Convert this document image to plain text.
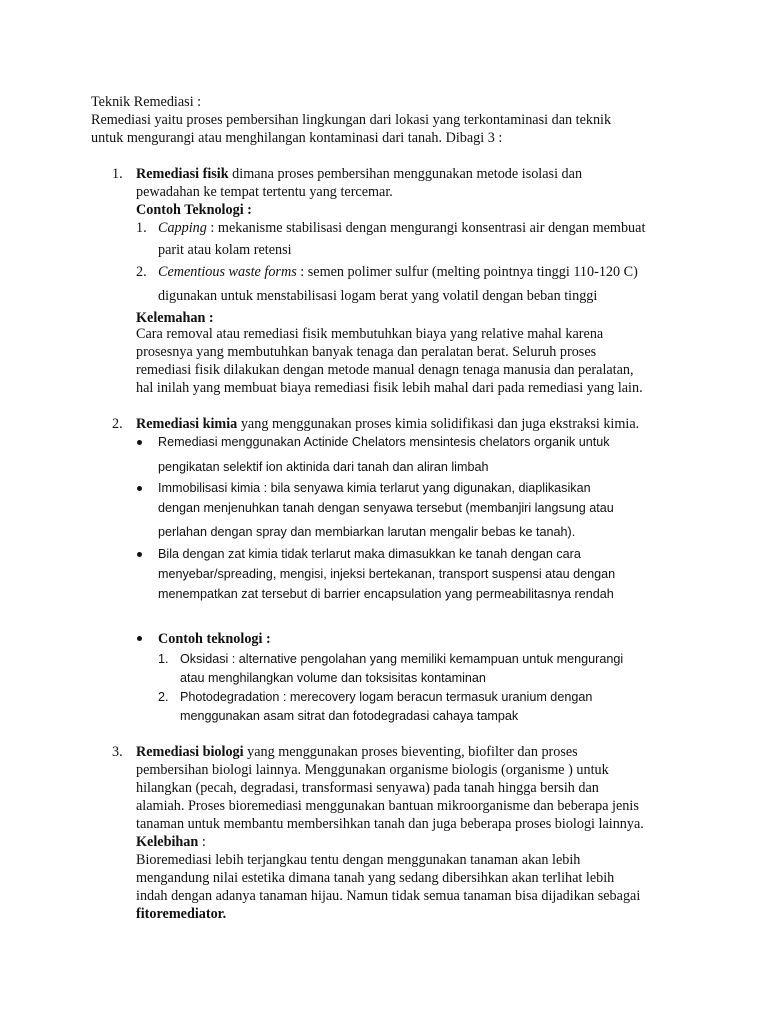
Teknik Remediasi :
Remediasi yaitu proses pembersihan lingkungan dari lokasi yang terkontaminasi dan teknik
untuk mengurangi atau menghilangan kontaminasi dari tanah. Dibagi 3 :
1. Remediasi fisik dimana proses pembersihan menggunakan metode isolasi dan
pewadahan ke tempat tertentu yang tercemar.
Contoh Teknologi :
1. Capping : mekanisme stabilisasi dengan mengurangi konsentrasi air dengan membuat
parit atau kolam retensi
2. Cementious waste forms : semen polimer sulfur (melting pointnya tinggi 110-120 C)
digunakan untuk menstabilisasi logam berat yang volatil dengan beban tinggi
Kelemahan :
Cara removal atau remediasi fisik membutuhkan biaya yang relative mahal karena
prosesnya yang membutuhkan banyak tenaga dan peralatan berat. Seluruh proses
remediasi fisik dilakukan dengan metode manual denagn tenaga manusia dan peralatan,
hal inilah yang membuat biaya remediasi fisik lebih mahal dari pada remediasi yang lain.
2. Remediasi kimia yang menggunakan proses kimia solidifikasi dan juga ekstraksi kimia.
Remediasi menggunakan Actinide Chelators mensintesis chelators organik untuk
pengikatan selektif ion aktinida dari tanah dan aliran limbah
Immobilisasi kimia : bila senyawa kimia terlarut yang digunakan, diaplikasikan
dengan menjenuhkan tanah dengan senyawa tersebut (membanjiri langsung atau
perlahan dengan spray dan membiarkan larutan mengalir bebas ke tanah).
Bila dengan zat kimia tidak terlarut maka dimasukkan ke tanah dengan cara
menyebar/spreading, mengisi, injeksi bertekanan, transport suspensi atau dengan
menempatkan zat tersebut di barrier encapsulation yang permeabilitasnya rendah
Contoh teknologi :
1. Oksidasi : alternative pengolahan yang memiliki kemampuan untuk mengurangi
atau menghilangkan volume dan toksisitas kontaminan
2. Photodegradation : merecovery logam beracun termasuk uranium dengan
menggunakan asam sitrat dan fotodegradasi cahaya tampak
3. Remediasi biologi yang menggunakan proses bieventing, biofilter dan proses
pembersihan biologi lainnya. Menggunakan organisme biologis (organisme ) untuk
hilangkan (pecah, degradasi, transformasi senyawa) pada tanah hingga bersih dan
alamiah. Proses bioremediasi menggunakan bantuan mikroorganisme dan beberapa jenis
tanaman untuk membantu membersihkan tanah dan juga beberapa proses biologi lainnya.
Kelebihan :
Bioremediasi lebih terjangkau tentu dengan menggunakan tanaman akan lebih
mengandung nilai estetika dimana tanah yang sedang dibersihkan akan terlihat lebih
indah dengan adanya tanaman hijau. Namun tidak semua tanaman bisa dijadikan sebagai
fitoremediator.
